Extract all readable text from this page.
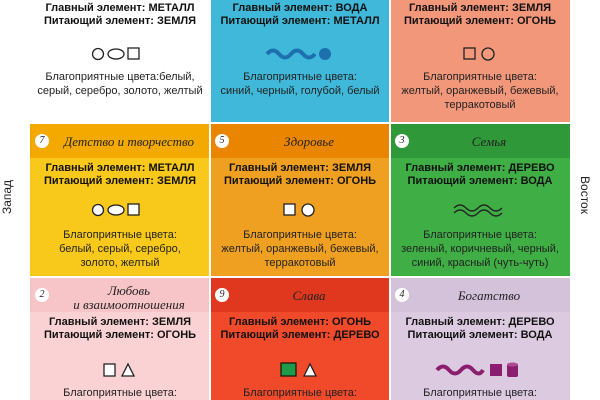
Запад	Восток
Главный элемент: МЕТАЛЛ
Питающий элемент: ЗЕМЛЯ
Благоприятные цвета:белый,
серый, серебро, золото, желтый
Главный элемент: ВОДА
Питающий элемент: МЕТАЛЛ
Благоприятные цвета:
синий, черный, голубой, белый
Главный элемент: ЗЕМЛЯ
Питающий элемент: ОГОНЬ
Благоприятные цвета:
желтый, оранжевый, бежевый,
терракотовый
7	Детство и творчество
Главный элемент: МЕТАЛЛ
Питающий элемент: ЗЕМЛЯ
Благоприятные цвета:
белый, серый, серебро,
золото, желтый
5	Здоровье
Главный элемент: ЗЕМЛЯ
Питающий элемент: ОГОНЬ
Благоприятные цвета:
желтый, оранжевый, бежевый,
терракотовый
3	Семья
Главный элемент: ДЕРЕВО
Питающий элемент: ВОДА
Благоприятные цвета:
зеленый, коричневый, черный,
синий, красный (чуть-чуть)
2	Любовь
и взаимоотношения
Главный элемент: ЗЕМЛЯ
Питающий элемент: ОГОНЬ
Благоприятные цвета:
9	Слава
Главный элемент: ОГОНЬ
Питающий элемент: ДЕРЕВО
Благоприятные цвета:
4	Богатство
Главный элемент: ДЕРЕВО
Питающий элемент: ВОДА
Благоприятные цвета:
